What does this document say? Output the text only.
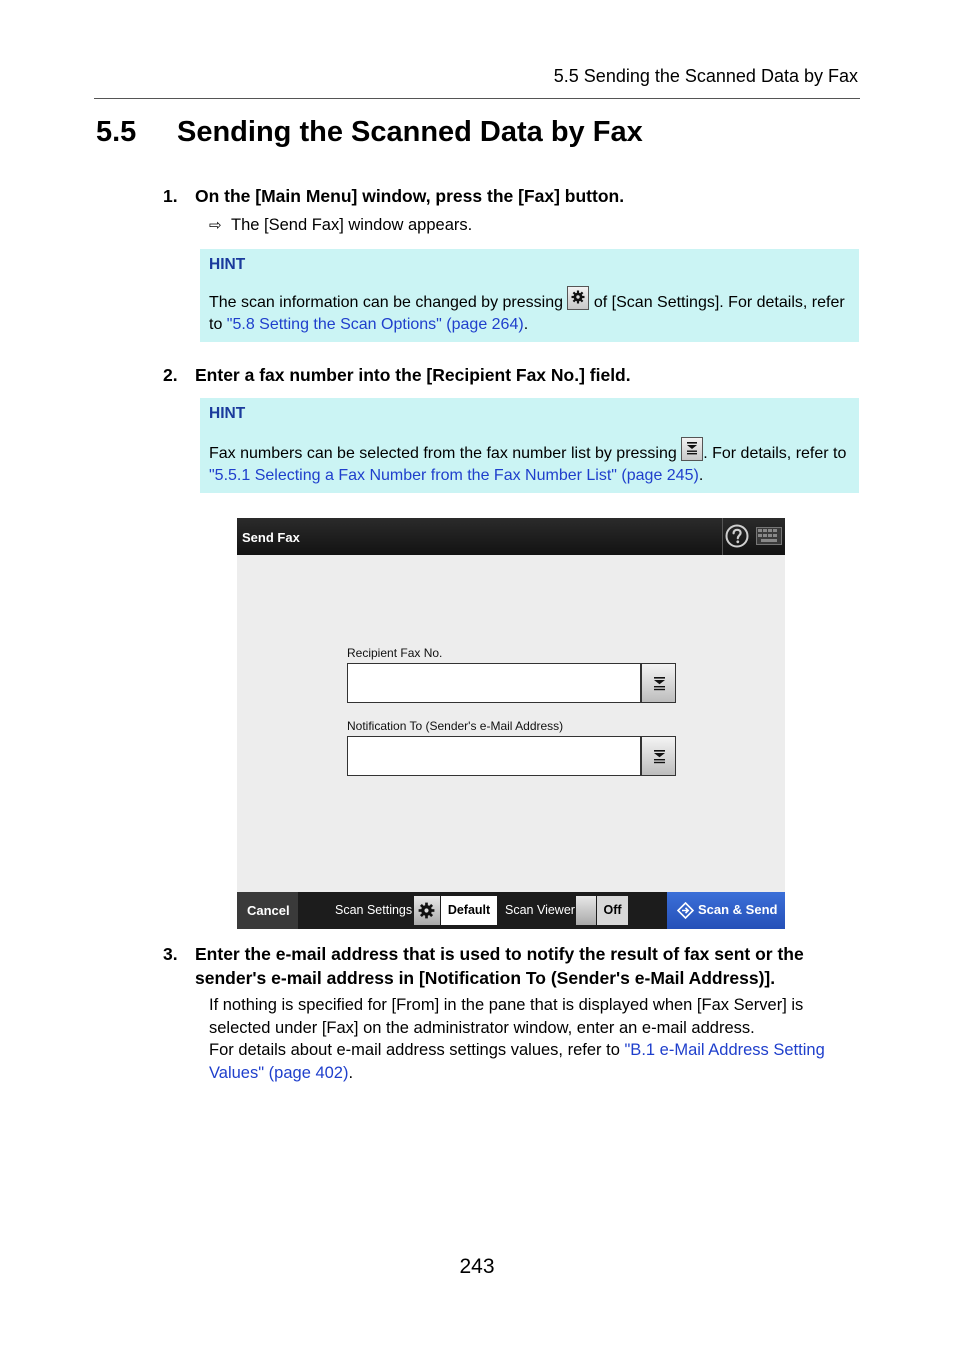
5.5 Sending the Scanned Data by Fax
5.5 Sending the Scanned Data by Fax
1. On the [Main Menu] window, press the [Fax] button.
⇨ The [Send Fax] window appears.
HINT
The scan information can be changed by pressing
of [Scan Settings]. For details, refer to "5.8 Setting the Scan Options" (page 264).
2. Enter a fax number into the [Recipient Fax No.] field.
HINT
Fax numbers can be selected from the fax number list by pressing
. For details, refer to "5.5.1 Selecting a Fax Number from the Fax Number List" (page 245).
Send Fax
Recipient Fax No.
Notification To (Sender's e-Mail Address)
Cancel	Scan Settings	Default	Scan Viewer	Off	Scan & Send
3. Enter the e-mail address that is used to notify the result of fax sent or the sender's e-mail address in [Notification To (Sender's e-Mail Address)].
If nothing is specified for [From] in the pane that is displayed when [Fax Server] is selected under [Fax] on the administrator window, enter an e-mail address.
For details about e-mail address settings values, refer to "B.1 e-Mail Address Setting Values" (page 402).
243
